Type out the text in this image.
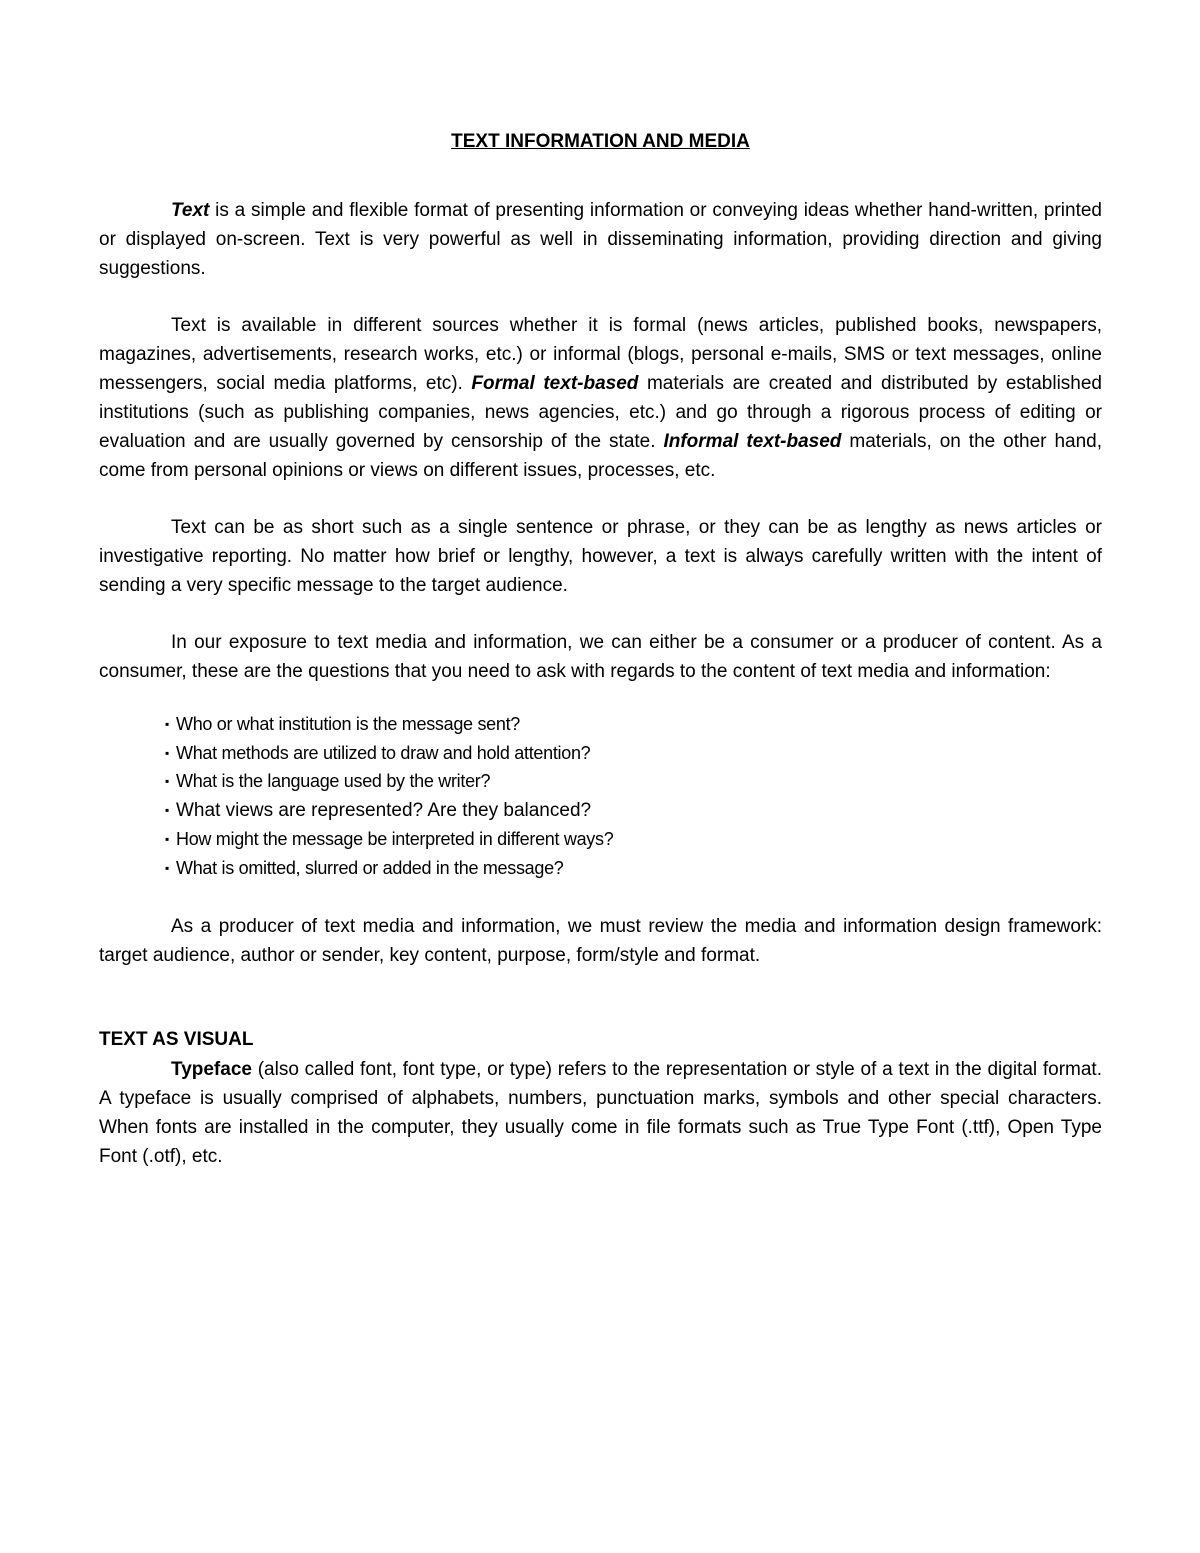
TEXT INFORMATION AND MEDIA

Text is a simple and flexible format of presenting information or conveying ideas whether hand-written, printed or displayed on-screen. Text is very powerful as well in disseminating information, providing direction and giving suggestions.

Text is available in different sources whether it is formal (news articles, published books, newspapers, magazines, advertisements, research works, etc.) or informal (blogs, personal e-mails, SMS or text messages, online messengers, social media platforms, etc). Formal text-based materials are created and distributed by established institutions (such as publishing companies, news agencies, etc.) and go through a rigorous process of editing or evaluation and are usually governed by censorship of the state. Informal text-based materials, on the other hand, come from personal opinions or views on different issues, processes, etc.

Text can be as short such as a single sentence or phrase, or they can be as lengthy as news articles or investigative reporting. No matter how brief or lengthy, however, a text is always carefully written with the intent of sending a very specific message to the target audience.

In our exposure to text media and information, we can either be a consumer or a producer of content. As a consumer, these are the questions that you need to ask with regards to the content of text media and information:

▪ Who or what institution is the message sent?
▪ What methods are utilized to draw and hold attention?
▪ What is the language used by the writer?
▪ What views are represented? Are they balanced?
▪ How might the message be interpreted in different ways?
▪ What is omitted, slurred or added in the message?

As a producer of text media and information, we must review the media and information design framework: target audience, author or sender, key content, purpose, form/style and format.

TEXT AS VISUAL

Typeface (also called font, font type, or type) refers to the representation or style of a text in the digital format. A typeface is usually comprised of alphabets, numbers, punctuation marks, symbols and other special characters. When fonts are installed in the computer, they usually come in file formats such as True Type Font (.ttf), Open Type Font (.otf), etc.
